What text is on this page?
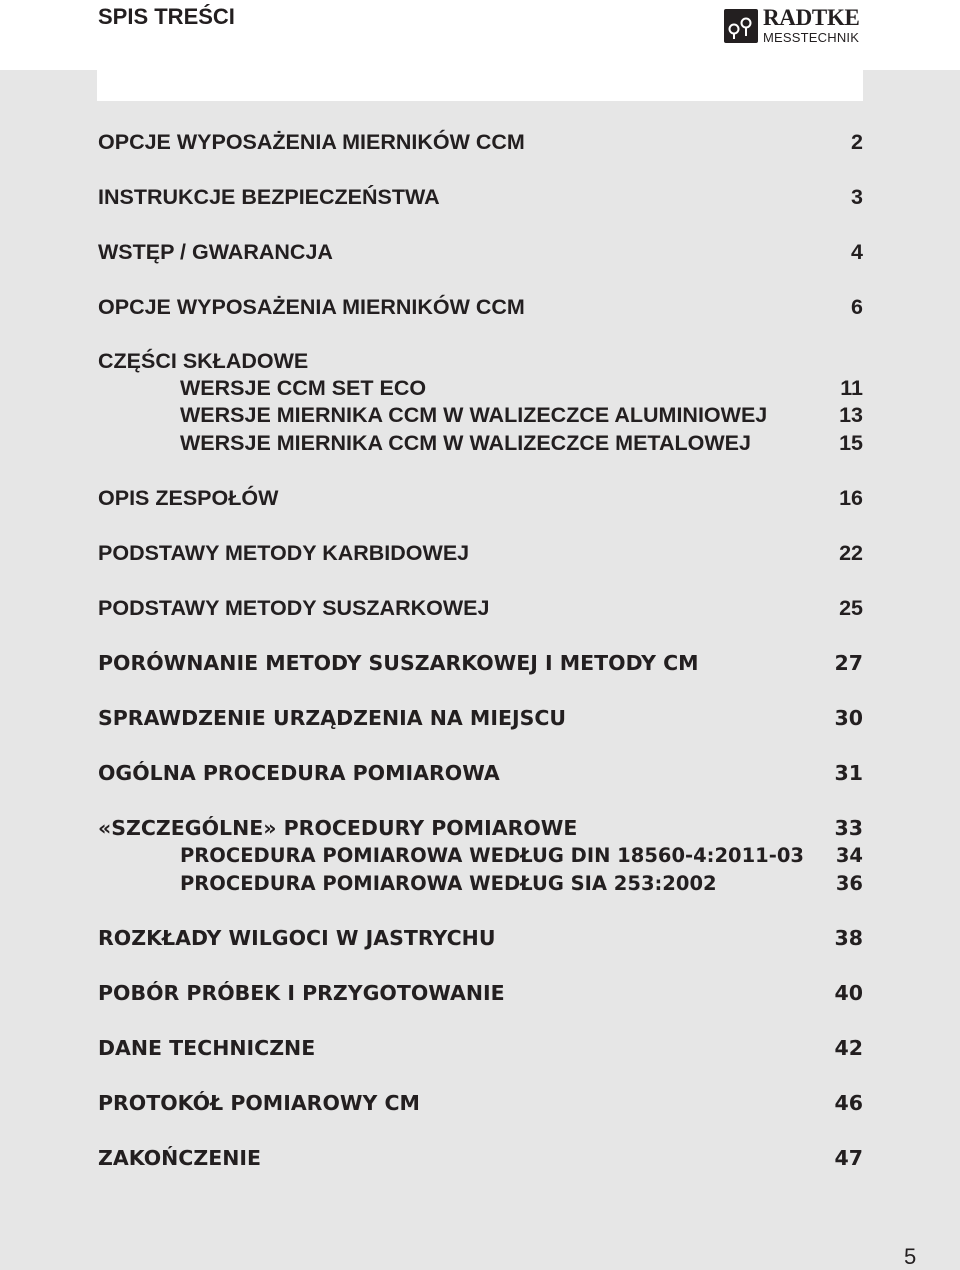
SPIS TREŚCI	RADTKE
MESSTECHNIK
OPCJE WYPOSAŻENIA MIERNIKÓW CCM	2
INSTRUKCJE BEZPIECZEŃSTWA	3
WSTĘP / GWARANCJA	4
OPCJE WYPOSAŻENIA MIERNIKÓW CCM	6
CZĘŚCI SKŁADOWE
WERSJE CCM SET ECO	11
WERSJE MIERNIKA CCM W WALIZECZCE ALUMINIOWEJ	13
WERSJE MIERNIKA CCM W WALIZECZCE METALOWEJ	15
OPIS ZESPOŁÓW	16
PODSTAWY METODY KARBIDOWEJ	22
PODSTAWY METODY SUSZARKOWEJ	25
PORÓWNANIE METODY SUSZARKOWEJ I METODY CM	27
SPRAWDZENIE URZĄDZENIA NA MIEJSCU	30
OGÓLNA PROCEDURA POMIAROWA	31
«SZCZEGÓLNE» PROCEDURY POMIAROWE	33
PROCEDURA POMIAROWA WEDŁUG DIN 18560-4:2011-03 34
PROCEDURA POMIAROWA WEDŁUG SIA 253:2002	36
ROZKŁADY WILGOCI W JASTRYCHU	38
POBÓR PRÓBEK I PRZYGOTOWANIE	40
DANE TECHNICZNE	42
PROTOKÓŁ POMIAROWY CM	46
ZAKOŃCZENIE	47
5
